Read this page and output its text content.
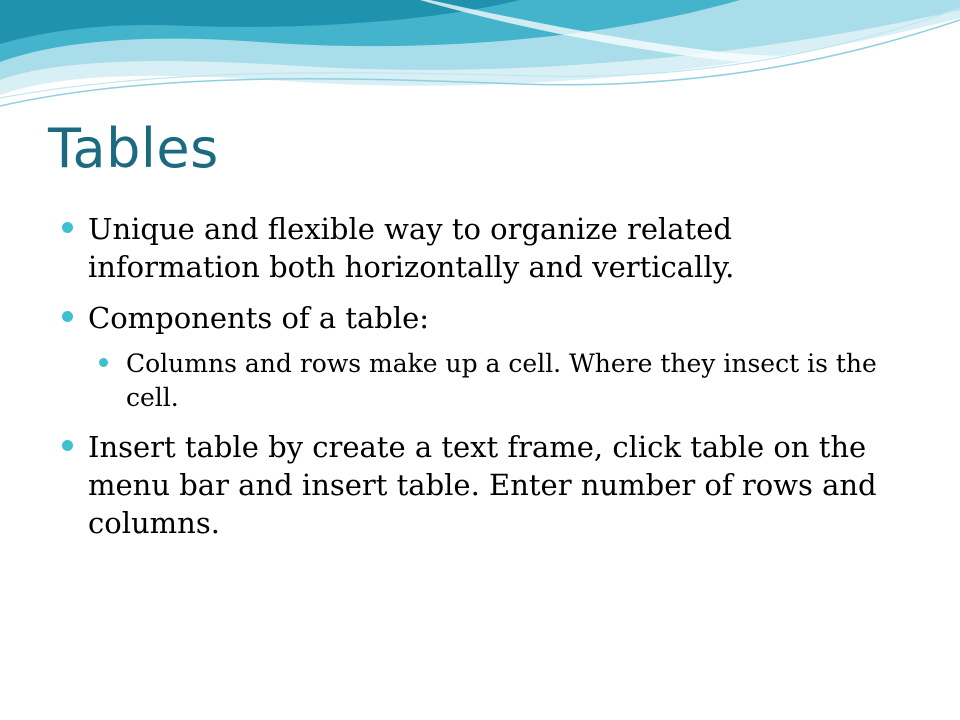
Tables
Unique and flexible way to organize related information both horizontally and vertically.
Components of a table:
Columns and rows make up a cell. Where they insect is the cell.
Insert table by create a text frame, click table on the menu bar and insert table. Enter number of rows and columns.
